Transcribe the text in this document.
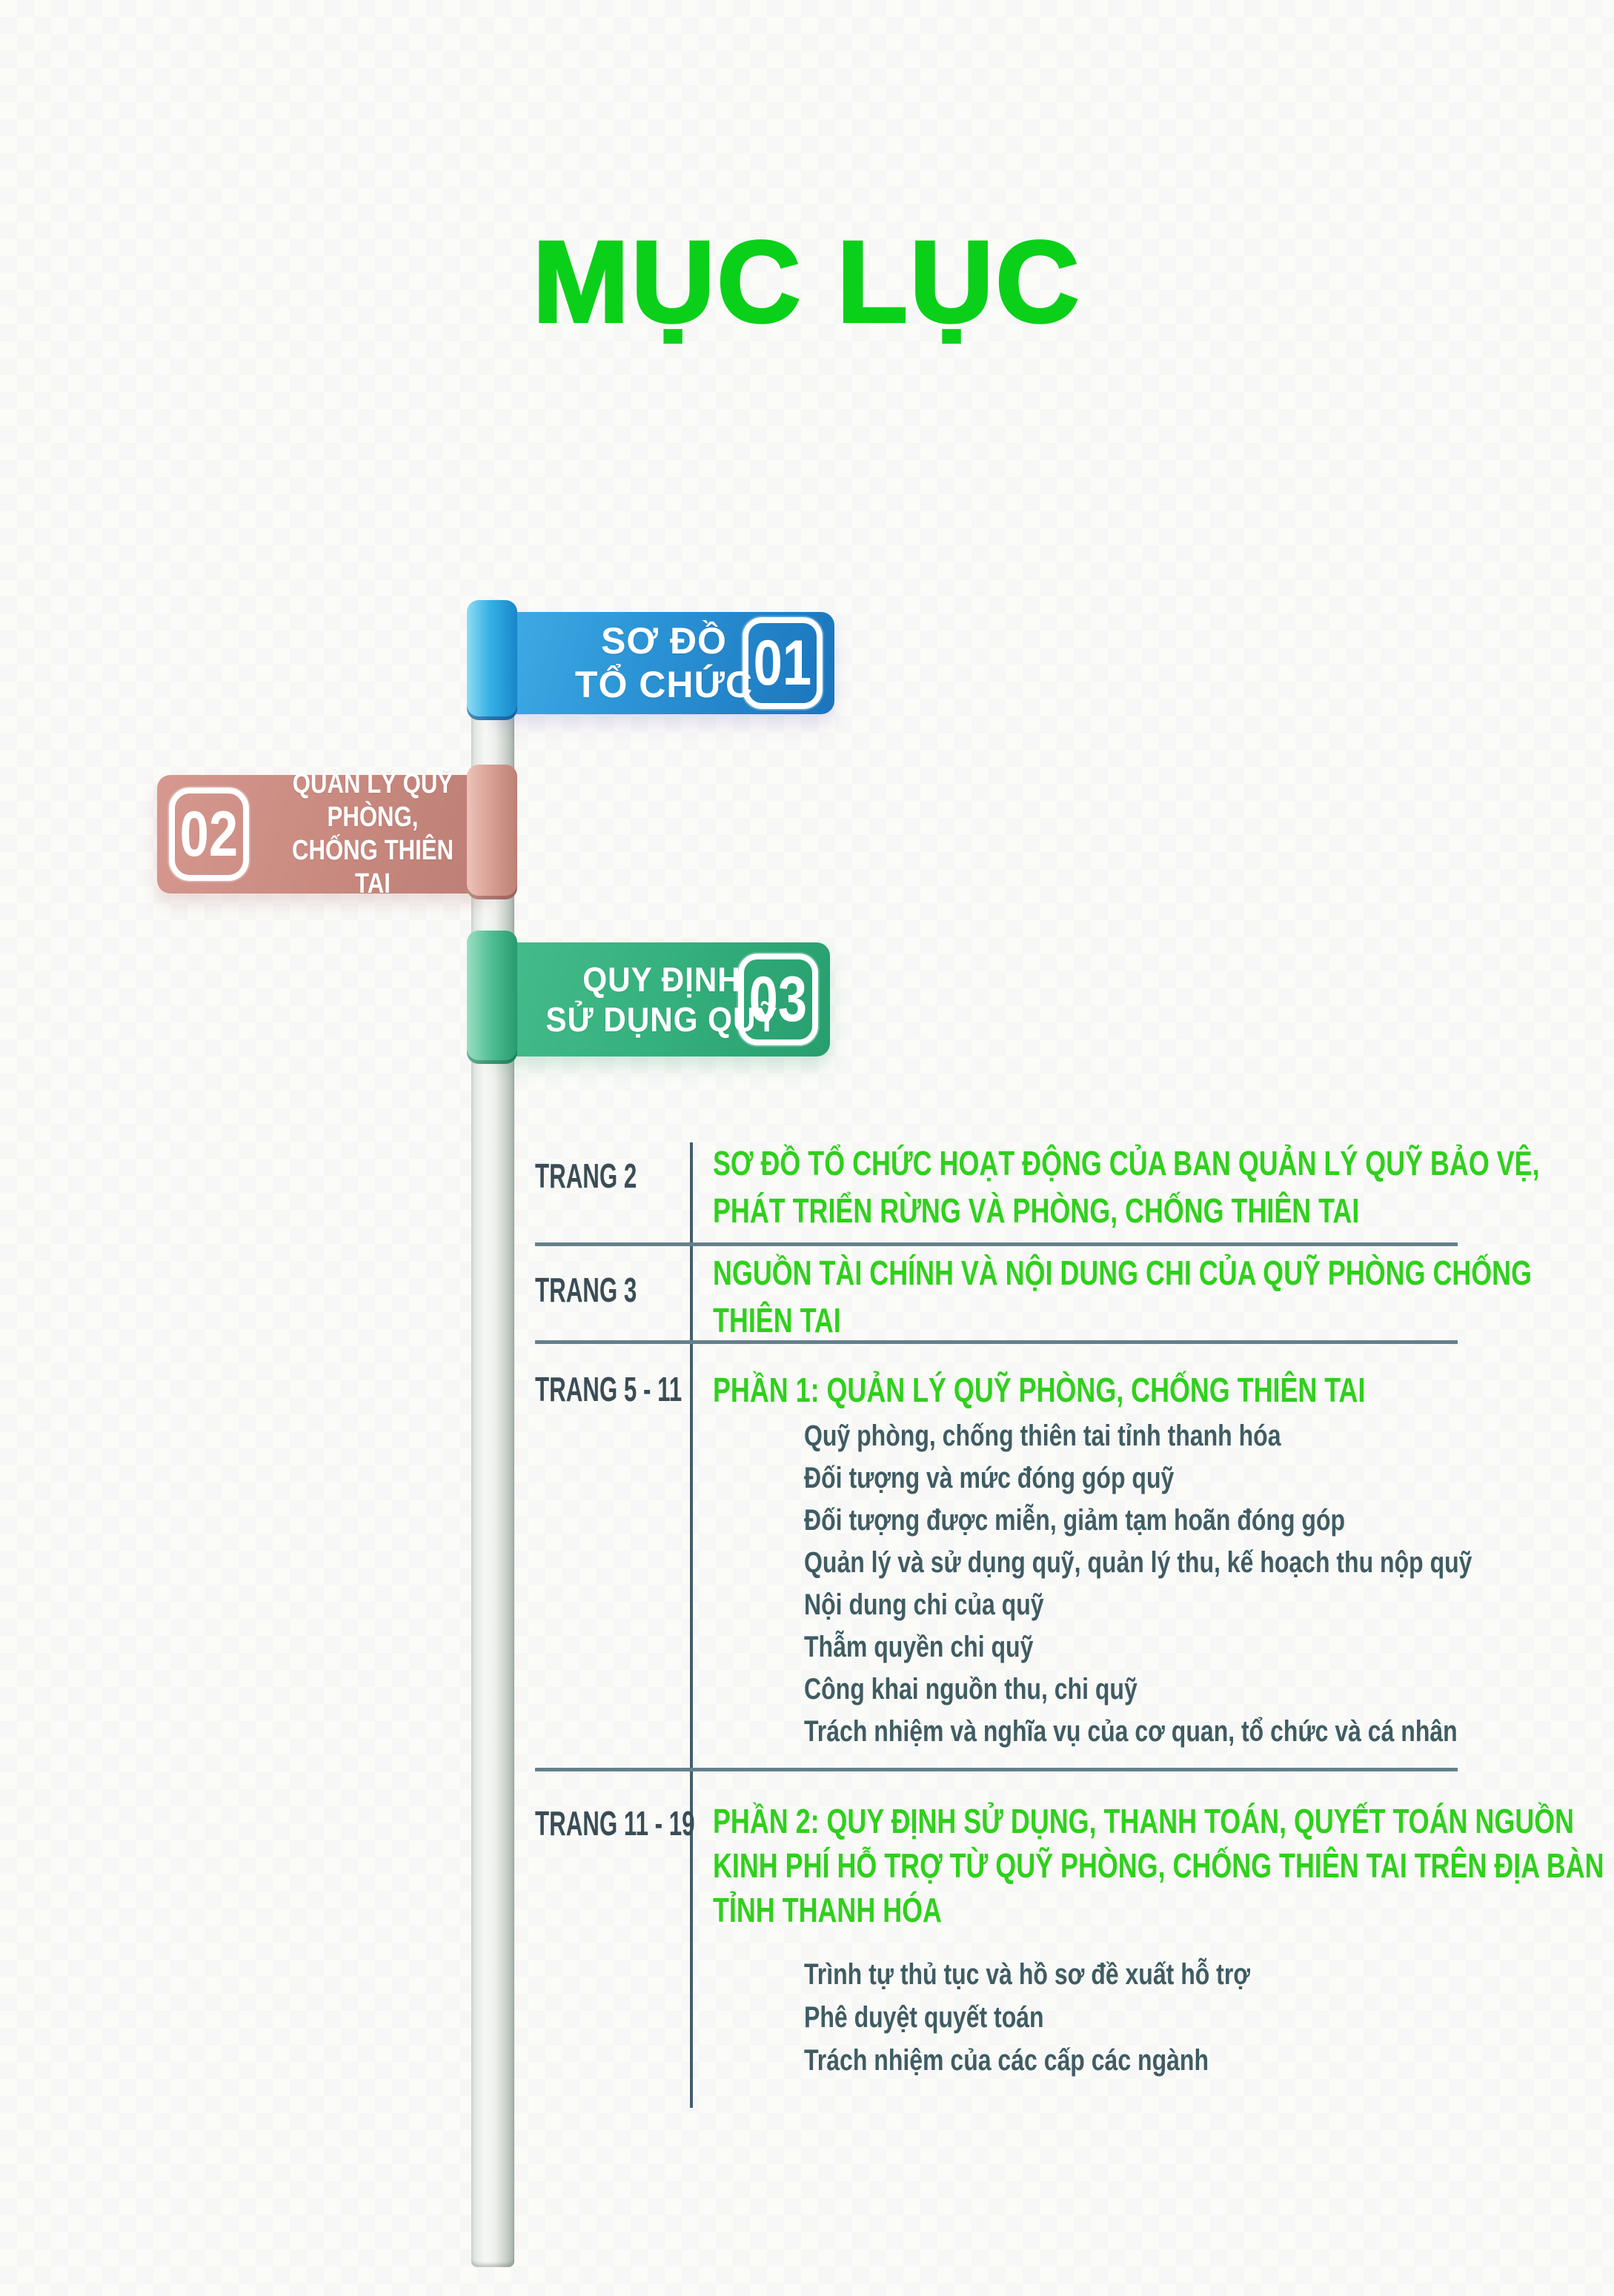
MỤC LỤC
SƠ ĐỒ
TỔ CHỨC 01
02
QUẢN LÝ QUỸ PHÒNG,
CHỐNG THIÊN TAI
QUY ĐỊNH
SỬ DỤNG QUỸ
03
TRANG 2 SƠ ĐỒ TỔ CHỨC HOẠT ĐỘNG CỦA BAN QUẢN LÝ QUỸ BẢO VỆ,
PHÁT TRIỂN RỪNG VÀ PHÒNG, CHỐNG THIÊN TAI
TRANG 3 NGUỒN TÀI CHÍNH VÀ NỘI DUNG CHI CỦA QUỸ PHÒNG CHỐNG
THIÊN TAI
TRANG 5 - 11 PHẦN 1: QUẢN LÝ QUỸ PHÒNG, CHỐNG THIÊN TAI
Quỹ phòng, chống thiên tai tỉnh thanh hóa
Đối tượng và mức đóng góp quỹ
Đối tượng được miễn, giảm tạm hoãn đóng góp
Quản lý và sử dụng quỹ, quản lý thu, kế hoạch thu nộp quỹ
Nội dung chi của quỹ
Thẫm quyền chi quỹ
Công khai nguồn thu, chi quỹ
Trách nhiệm và nghĩa vụ của cơ quan, tổ chức và cá nhân
TRANG 11 - 19 PHẦN 2: QUY ĐỊNH SỬ DỤNG, THANH TOÁN, QUYẾT TOÁN NGUỒN
KINH PHÍ HỖ TRỢ TỪ QUỸ PHÒNG, CHỐNG THIÊN TAI TRÊN ĐỊA BÀN
TỈNH THANH HÓA
Trình tự thủ tục và hồ sơ đề xuất hỗ trợ
Phê duyệt quyết toán
Trách nhiệm của các cấp các ngành
